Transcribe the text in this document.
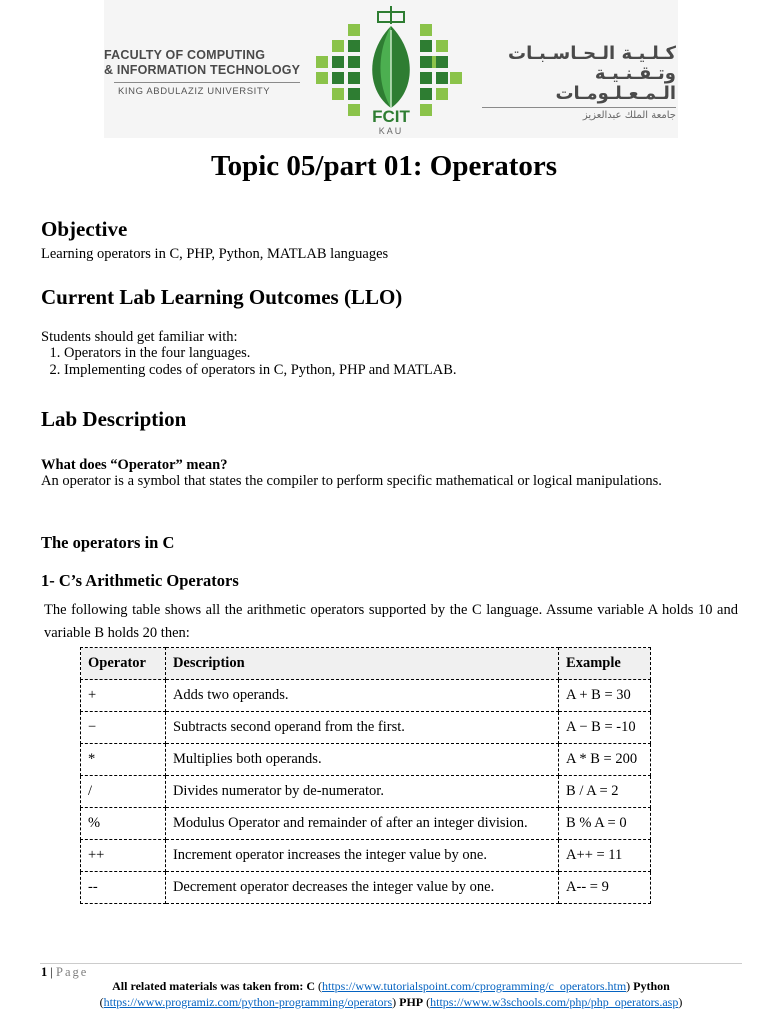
FACULTY OF COMPUTING
& INFORMATION TECHNOLOGY
KING ABDULAZIZ UNIVERSITY
FCIT
KAU
كـلـيـة الـحـاسـبـات
وتـقـنـيـة الـمـعـلـومـات
جامعة الملك عبدالعزيز
Topic 05/part 01: Operators
Objective
Learning operators in C, PHP, Python, MATLAB languages
Current Lab Learning Outcomes (LLO)
Students should get familiar with:
1. Operators in the four languages.
2. Implementing codes of operators in C, Python, PHP and MATLAB.
Lab Description
What does “Operator” mean?
An operator is a symbol that states the compiler to perform specific mathematical or logical manipulations.
The operators in C
1- C’s Arithmetic Operators
The following table shows all the arithmetic operators supported by the C language. Assume variable A holds 10 and variable B holds 20 then:
Operator	Description	Example
+	Adds two operands.	A + B = 30
−	Subtracts second operand from the first.	A − B = -10
*	Multiplies both operands.	A * B = 200
/	Divides numerator by de-numerator.	B / A = 2
%	Modulus Operator and remainder of after an integer division.	B % A = 0
++	Increment operator increases the integer value by one.	A++ = 11
--	Decrement operator decreases the integer value by one.	A-- = 9
1 | Page
All related materials was taken from: C (https://www.tutorialspoint.com/cprogramming/c_operators.htm) Python
(https://www.programiz.com/python-programming/operators) PHP (https://www.w3schools.com/php/php_operators.asp)
